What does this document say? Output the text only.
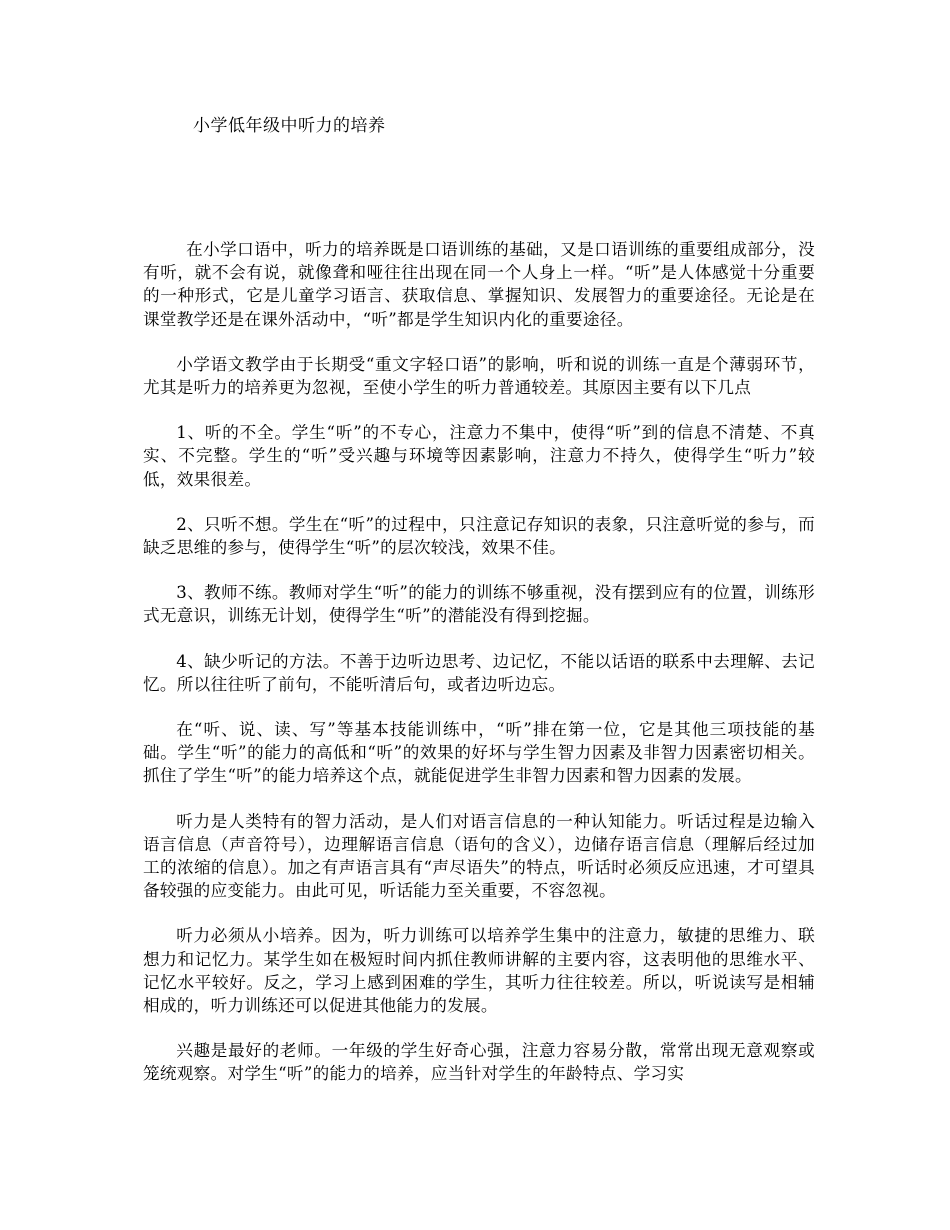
小学低年级中听力的培养

在小学口语中，听力的培养既是口语训练的基础，又是口语训练的重要组成部分，没有听，就不会有说，就像聋和哑往往出现在同一个人身上一样。“听”是人体感觉十分重要的一种形式，它是儿童学习语言、获取信息、掌握知识、发展智力的重要途径。无论是在课堂教学还是在课外活动中，“听”都是学生知识内化的重要途径。

小学语文教学由于长期受“重文字轻口语”的影响，听和说的训练一直是个薄弱环节，尤其是听力的培养更为忽视，至使小学生的听力普通较差。其原因主要有以下几点

1、听的不全。学生“听”的不专心，注意力不集中，使得“听”到的信息不清楚、不真实、不完整。学生的“听”受兴趣与环境等因素影响，注意力不持久，使得学生“听力”较低，效果很差。

2、只听不想。学生在“听”的过程中，只注意记存知识的表象，只注意听觉的参与，而缺乏思维的参与，使得学生“听”的层次较浅，效果不佳。

3、教师不练。教师对学生“听”的能力的训练不够重视，没有摆到应有的位置，训练形式无意识，训练无计划，使得学生“听”的潜能没有得到挖掘。

4、缺少听记的方法。不善于边听边思考、边记忆，不能以话语的联系中去理解、去记忆。所以往往听了前句，不能听清后句，或者边听边忘。

在“听、说、读、写”等基本技能训练中，“听”排在第一位，它是其他三项技能的基础。学生“听”的能力的高低和“听”的效果的好坏与学生智力因素及非智力因素密切相关。抓住了学生“听”的能力培养这个点，就能促进学生非智力因素和智力因素的发展。

听力是人类特有的智力活动，是人们对语言信息的一种认知能力。听话过程是边输入语言信息（声音符号），边理解语言信息（语句的含义），边储存语言信息（理解后经过加工的浓缩的信息）。加之有声语言具有“声尽语失”的特点，听话时必须反应迅速，才可望具备较强的应变能力。由此可见，听话能力至关重要，不容忽视。

听力必须从小培养。因为，听力训练可以培养学生集中的注意力，敏捷的思维力、联想力和记忆力。某学生如在极短时间内抓住教师讲解的主要内容，这表明他的思维水平、记忆水平较好。反之，学习上感到困难的学生，其听力往往较差。所以，听说读写是相辅相成的，听力训练还可以促进其他能力的发展。

兴趣是最好的老师。一年级的学生好奇心强，注意力容易分散，常常出现无意观察或笼统观察。对学生“听”的能力的培养，应当针对学生的年龄特点、学习实
